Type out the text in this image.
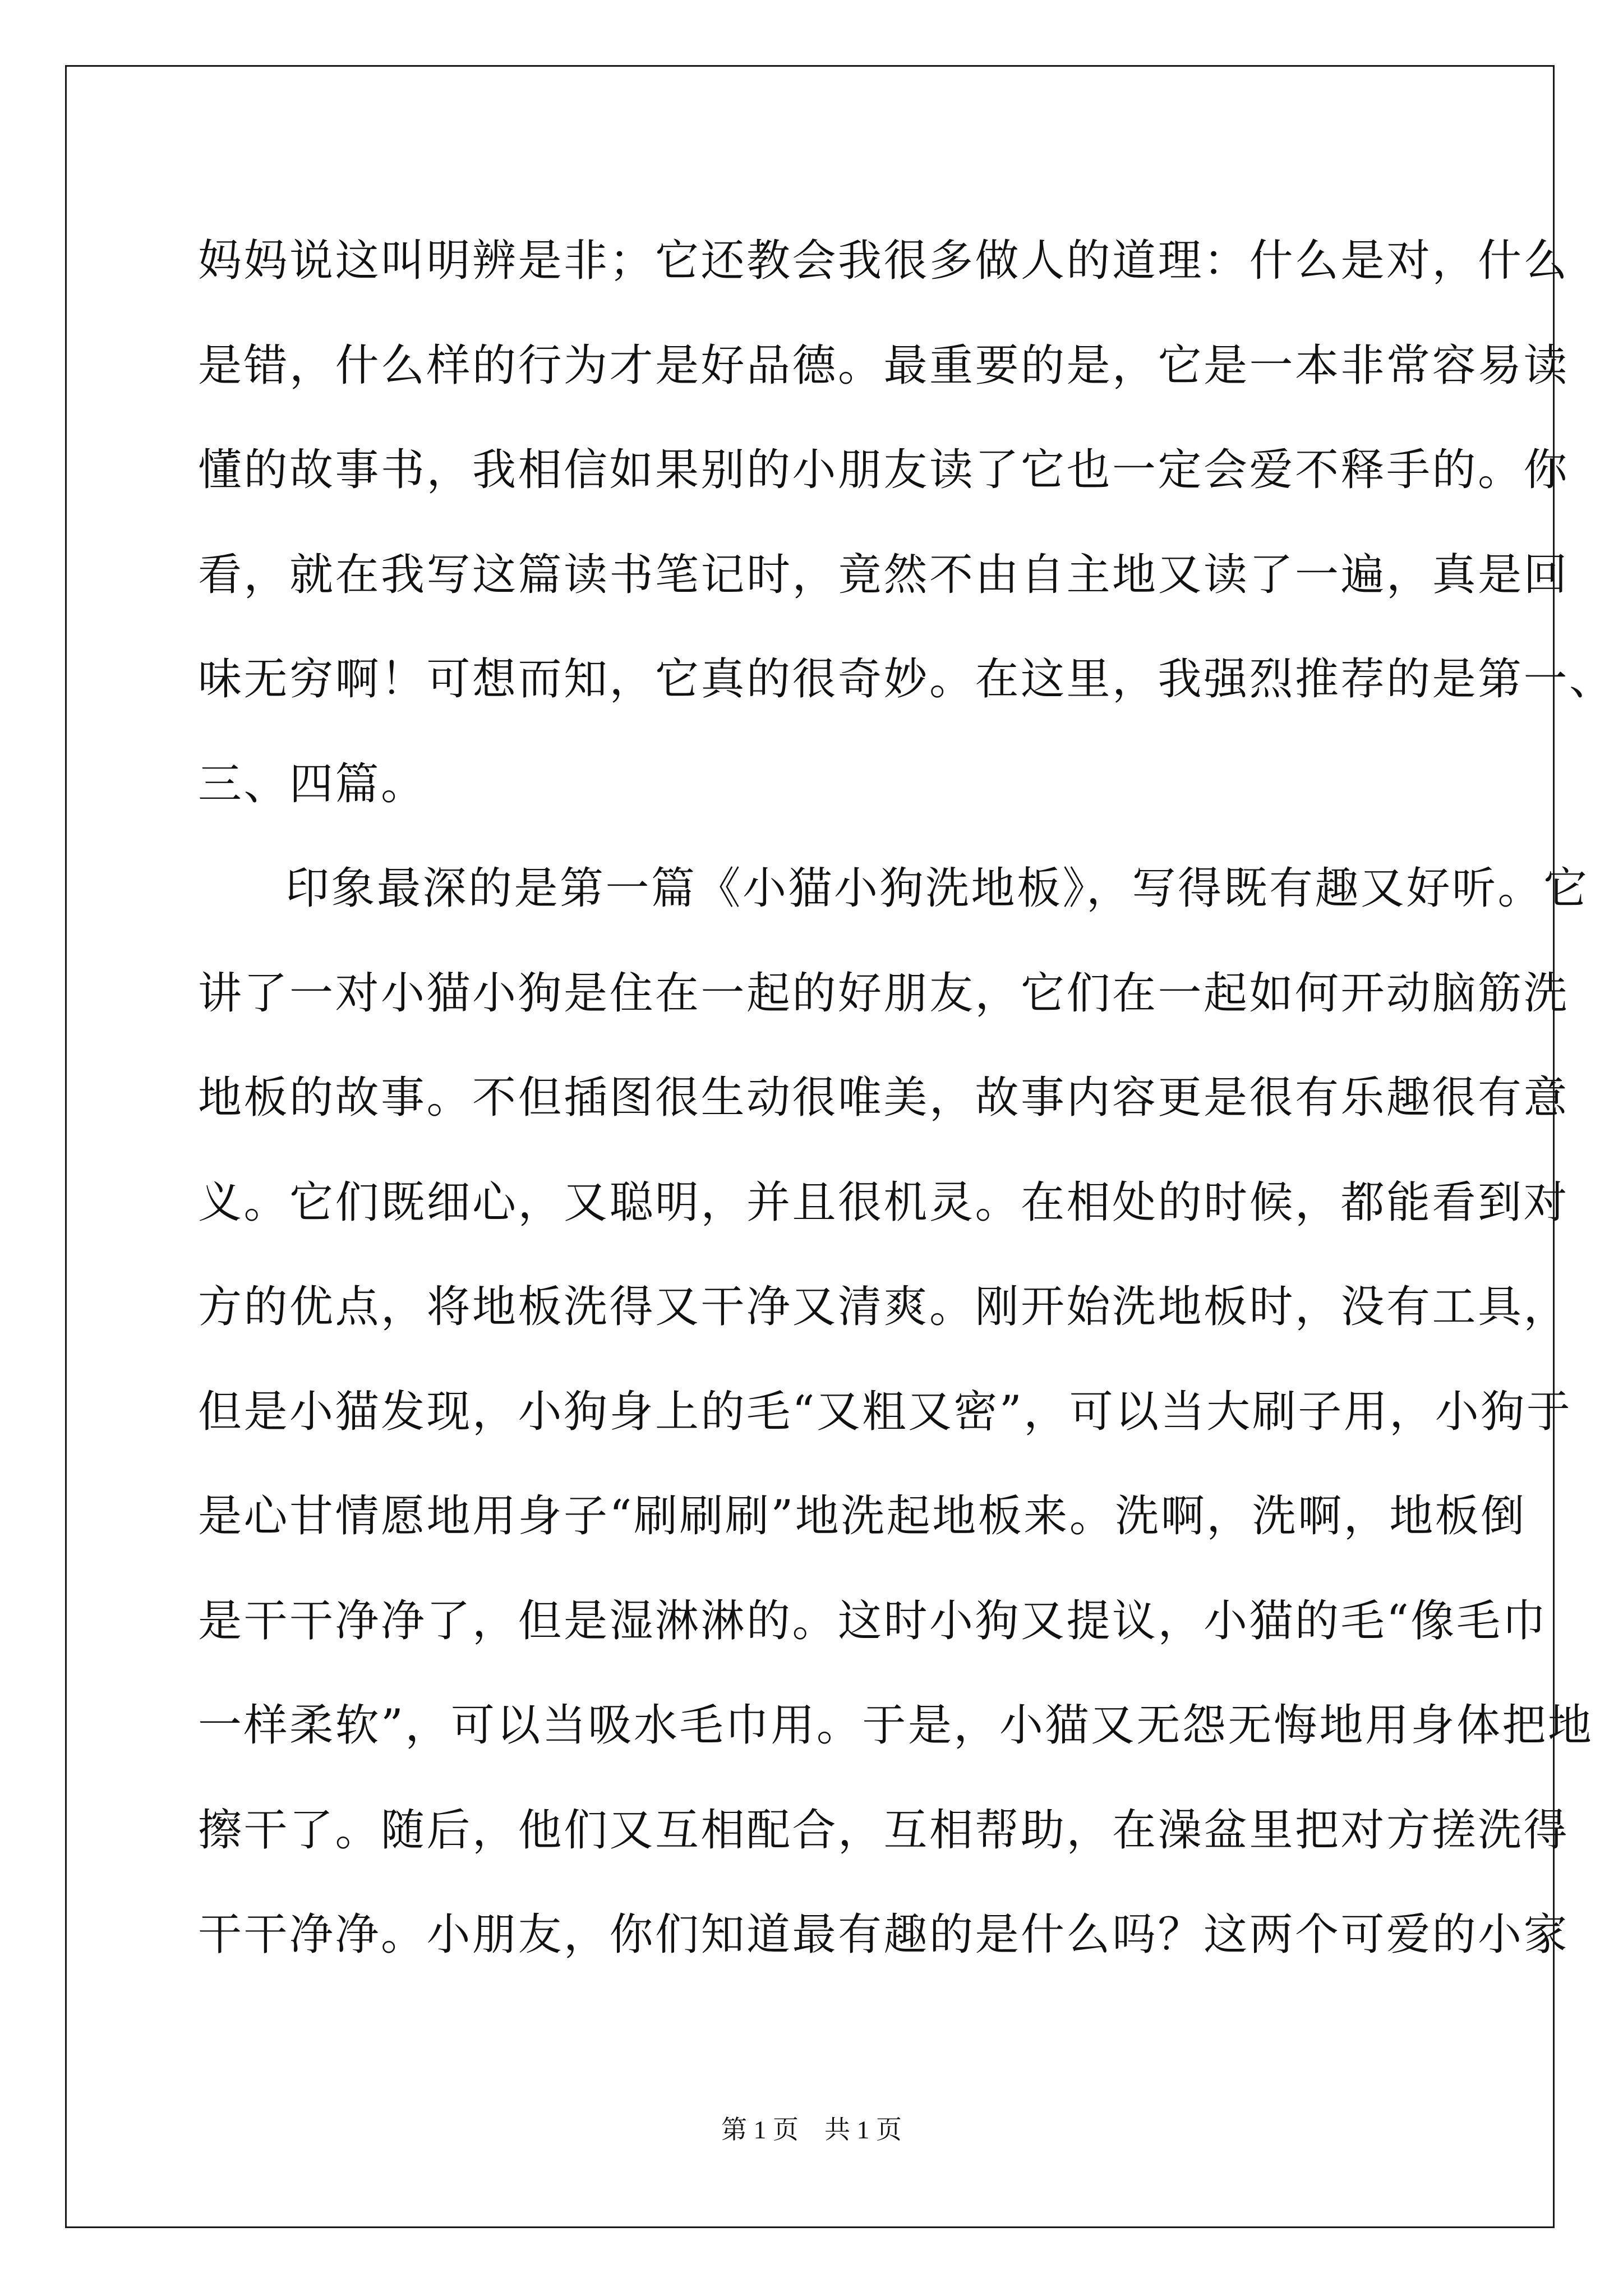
妈妈说这叫明辨是非；它还教会我很多做人的道理：什么是对，什么
是错，什么样的行为才是好品德。最重要的是，它是一本非常容易读
懂的故事书，我相信如果别的小朋友读了它也一定会爱不释手的。你
看，就在我写这篇读书笔记时，竟然不由自主地又读了一遍，真是回
味无穷啊！可想而知，它真的很奇妙。在这里，我强烈推荐的是第一、
三、四篇。
印象最深的是第一篇《小猫小狗洗地板》，写得既有趣又好听。它
讲了一对小猫小狗是住在一起的好朋友，它们在一起如何开动脑筋洗
地板的故事。不但插图很生动很唯美，故事内容更是很有乐趣很有意
义。它们既细心，又聪明，并且很机灵。在相处的时候，都能看到对
方的优点，将地板洗得又干净又清爽。刚开始洗地板时，没有工具，
但是小猫发现，小狗身上的毛“又粗又密”，可以当大刷子用，小狗于
是心甘情愿地用身子“刷刷刷”地洗起地板来。洗啊，洗啊，地板倒
是干干净净了，但是湿淋淋的。这时小狗又提议，小猫的毛“像毛巾
一样柔软”，可以当吸水毛巾用。于是，小猫又无怨无悔地用身体把地
擦干了。随后，他们又互相配合，互相帮助，在澡盆里把对方搓洗得
干干净净。小朋友，你们知道最有趣的是什么吗？这两个可爱的小家
第 1 页　共 1 页
